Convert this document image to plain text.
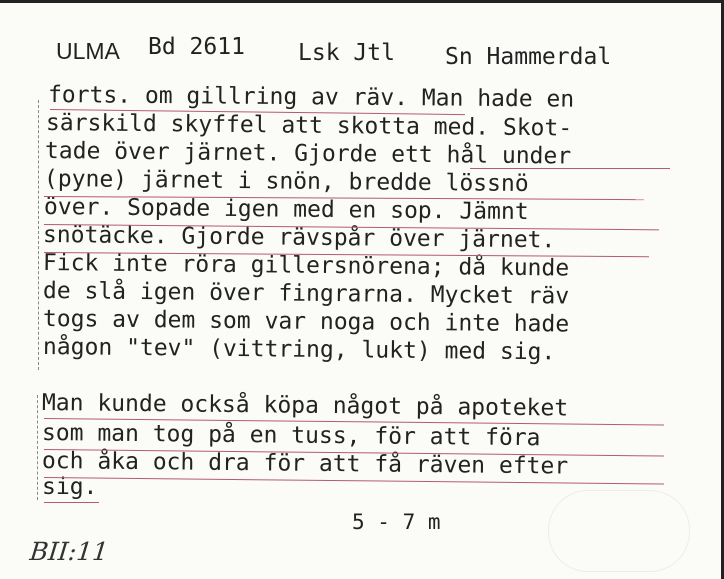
ULMA Bd 2611 Lsk Jtl Sn Hammerdal

forts. om gillring av räv. Man hade en

särskild skyffel att skotta med. Skot-

tade över järnet. Gjorde ett hål under

(pyne) järnet i snön, bredde lössnö

över. Sopade igen med en sop. Jämnt

snötäcke. Gjorde rävspår över järnet.

Fick inte röra gillersnörena; då kunde

de slå igen över fingrarna. Mycket räv

togs av dem som var noga och inte hade

någon "tev" (vittring, lukt) med sig.

Man kunde också köpa något på apoteket

som man tog på en tuss, för att föra

och åka och dra för att få räven efter

sig.

5 - 7 m
BII:11
